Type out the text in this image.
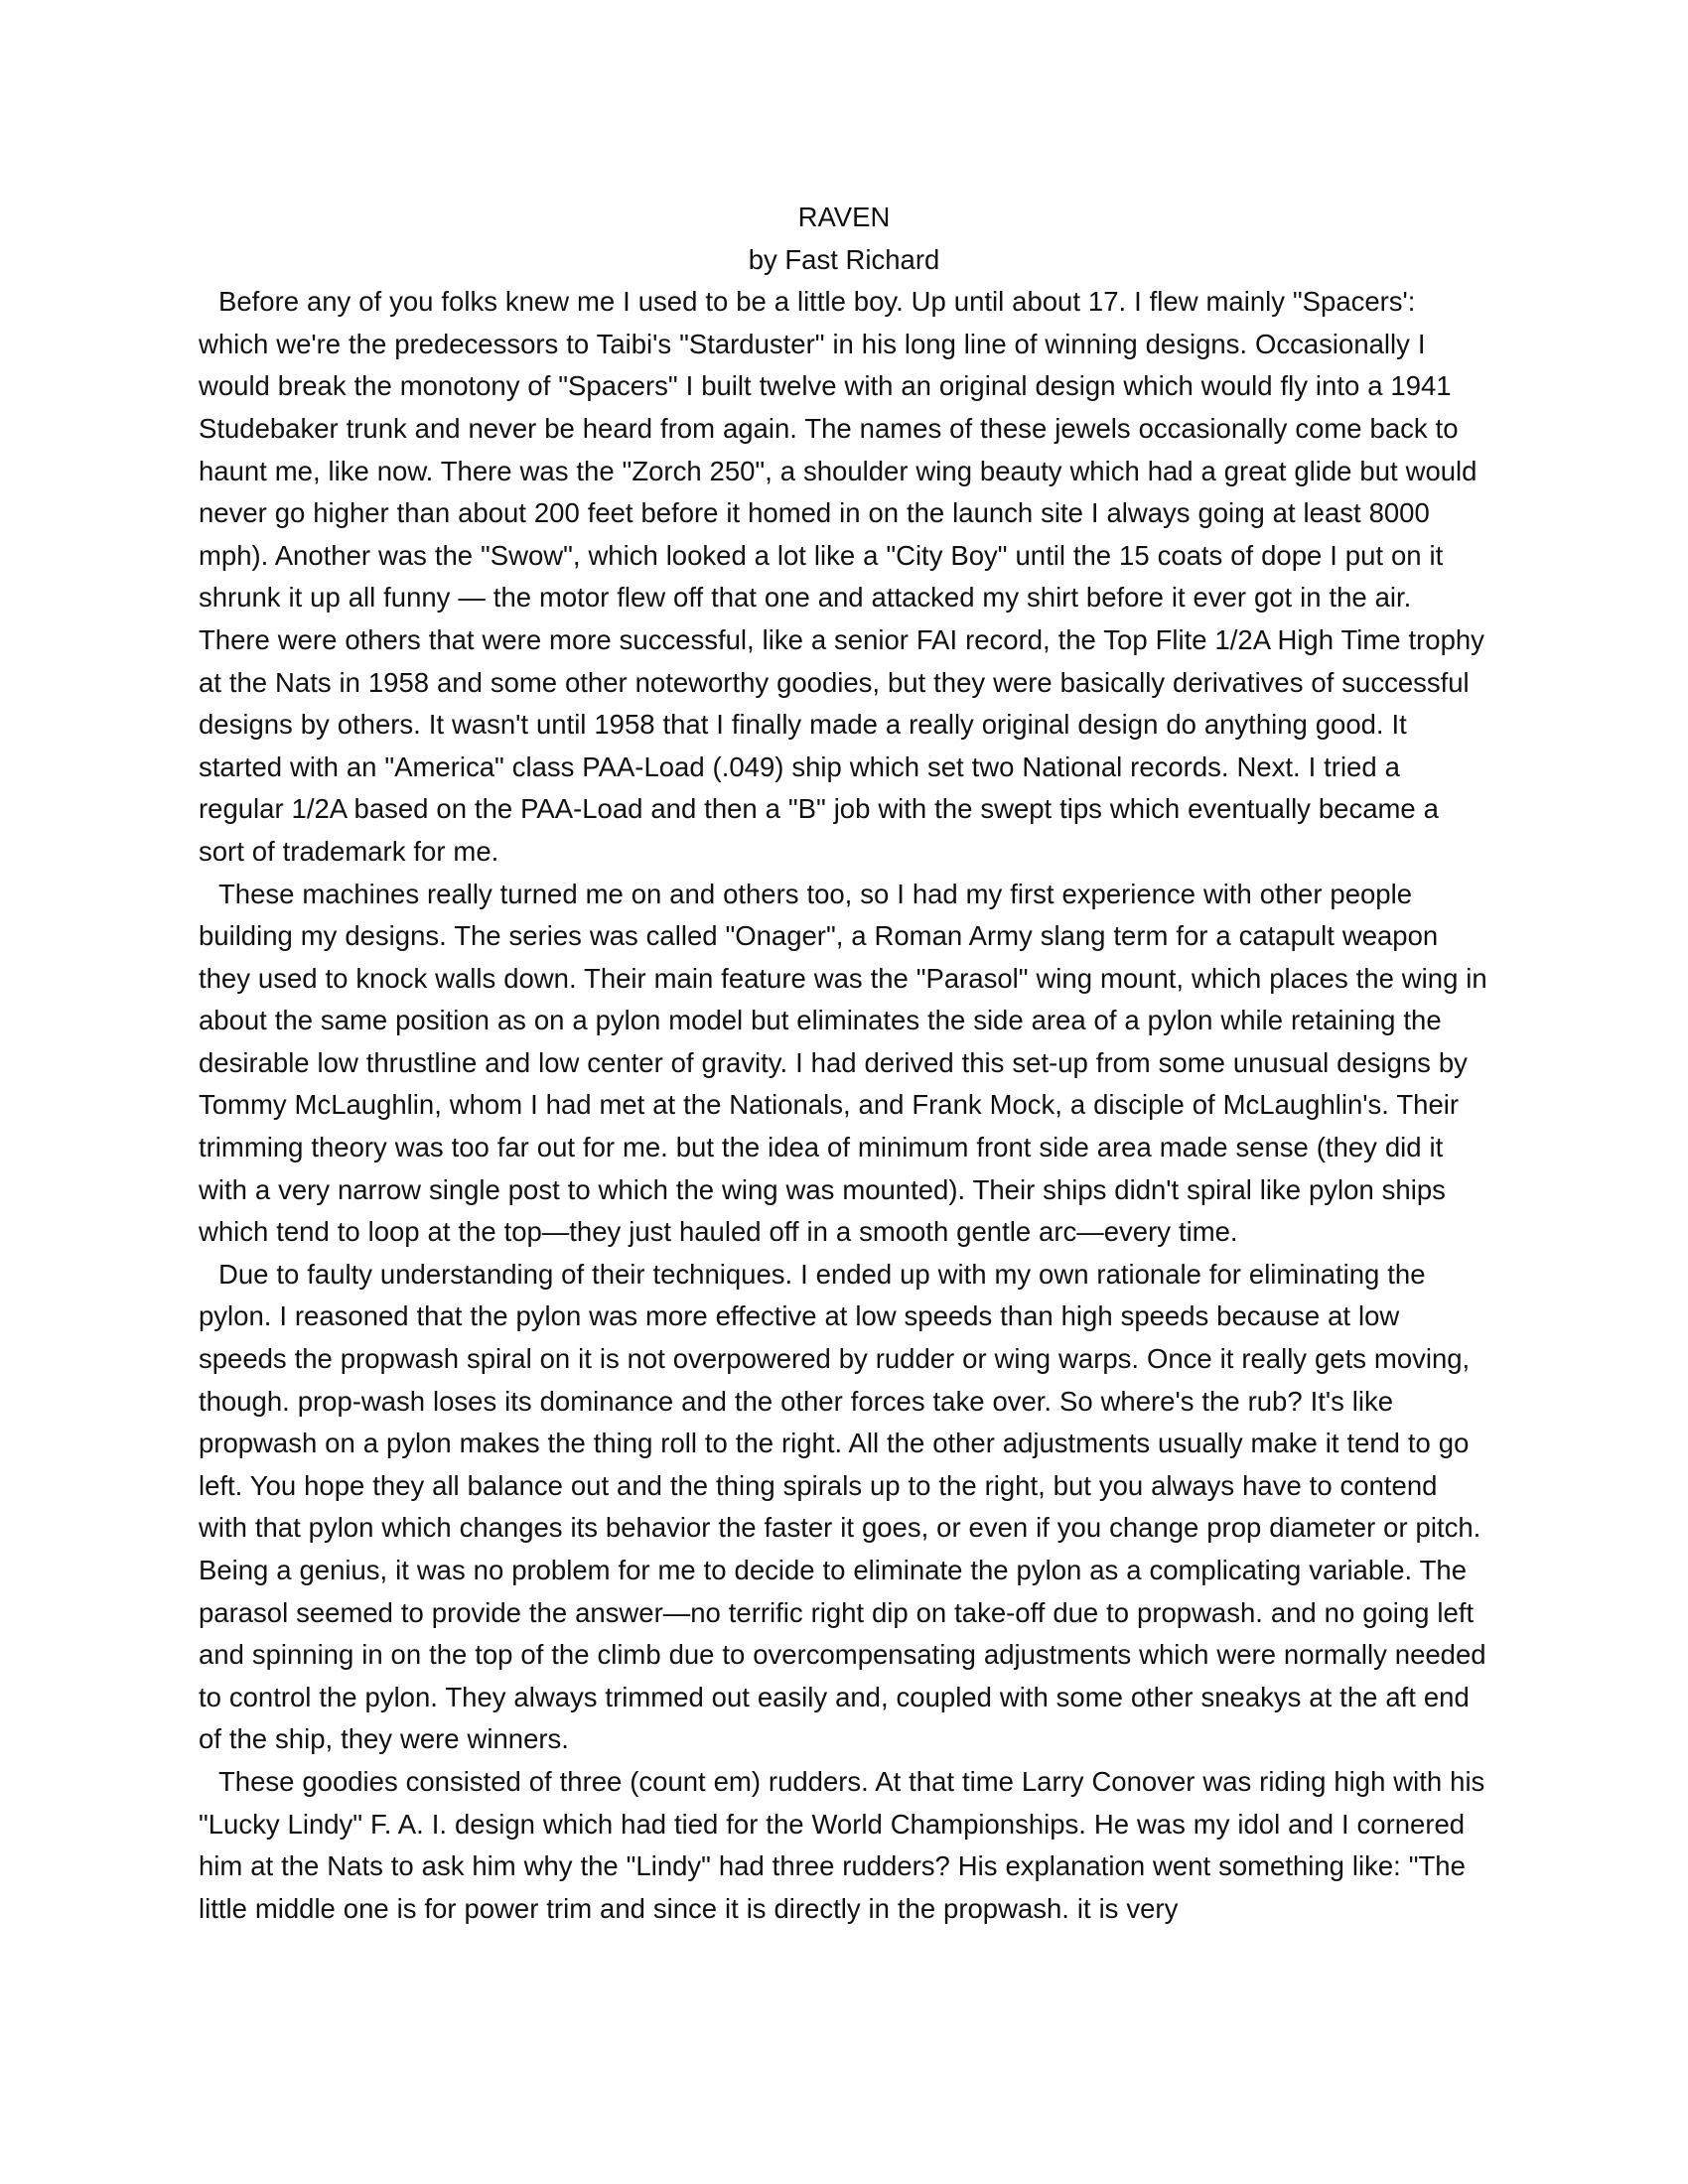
RAVEN

by Fast Richard

Before any of you folks knew me I used to be a little boy. Up until about 17. I flew mainly "Spacers': which we're the predecessors to Taibi's "Starduster" in his long line of winning designs. Occasionally I would break the monotony of "Spacers" I built twelve with an original design which would fly into a 1941 Studebaker trunk and never be heard from again. The names of these jewels occasionally come back to haunt me, like now. There was the "Zorch 250", a shoulder wing beauty which had a great glide but would never go higher than about 200 feet before it homed in on the launch site I always going at least 8000 mph). Another was the "Swow", which looked a lot like a "City Boy" until the 15 coats of dope I put on it shrunk it up all funny — the motor flew off that one and attacked my shirt before it ever got in the air. There were others that were more successful, like a senior FAI record, the Top Flite 1/2A High Time trophy at the Nats in 1958 and some other noteworthy goodies, but they were basically derivatives of successful designs by others. It wasn't until 1958 that I finally made a really original design do anything good. It started with an "America" class PAA-Load (.049) ship which set two National records. Next. I tried a regular 1/2A based on the PAA-Load and then a "B" job with the swept tips which eventually became a sort of trademark for me.

These machines really turned me on and others too, so I had my first experience with other people building my designs. The series was called "Onager", a Roman Army slang term for a catapult weapon they used to knock walls down. Their main feature was the "Parasol" wing mount, which places the wing in about the same position as on a pylon model but eliminates the side area of a pylon while retaining the desirable low thrustline and low center of gravity. I had derived this set-up from some unusual designs by Tommy McLaughlin, whom I had met at the Nationals, and Frank Mock, a disciple of McLaughlin's. Their trimming theory was too far out for me. but the idea of minimum front side area made sense (they did it with a very narrow single post to which the wing was mounted). Their ships didn't spiral like pylon ships which tend to loop at the top—they just hauled off in a smooth gentle arc—every time.

Due to faulty understanding of their techniques. I ended up with my own rationale for eliminating the pylon. I reasoned that the pylon was more effective at low speeds than high speeds because at low speeds the propwash spiral on it is not overpowered by rudder or wing warps. Once it really gets moving, though. prop-wash loses its dominance and the other forces take over. So where's the rub? It's like propwash on a pylon makes the thing roll to the right. All the other adjustments usually make it tend to go left. You hope they all balance out and the thing spirals up to the right, but you always have to contend with that pylon which changes its behavior the faster it goes, or even if you change prop diameter or pitch. Being a genius, it was no problem for me to decide to eliminate the pylon as a complicating variable. The parasol seemed to provide the answer—no terrific right dip on take-off due to propwash. and no going left and spinning in on the top of the climb due to overcompensating adjustments which were normally needed to control the pylon. They always trimmed out easily and, coupled with some other sneakys at the aft end of the ship, they were winners.

These goodies consisted of three (count em) rudders. At that time Larry Conover was riding high with his "Lucky Lindy" F. A. I. design which had tied for the World Championships. He was my idol and I cornered him at the Nats to ask him why the "Lindy" had three rudders? His explanation went something like: "The little middle one is for power trim and since it is directly in the propwash. it is very
